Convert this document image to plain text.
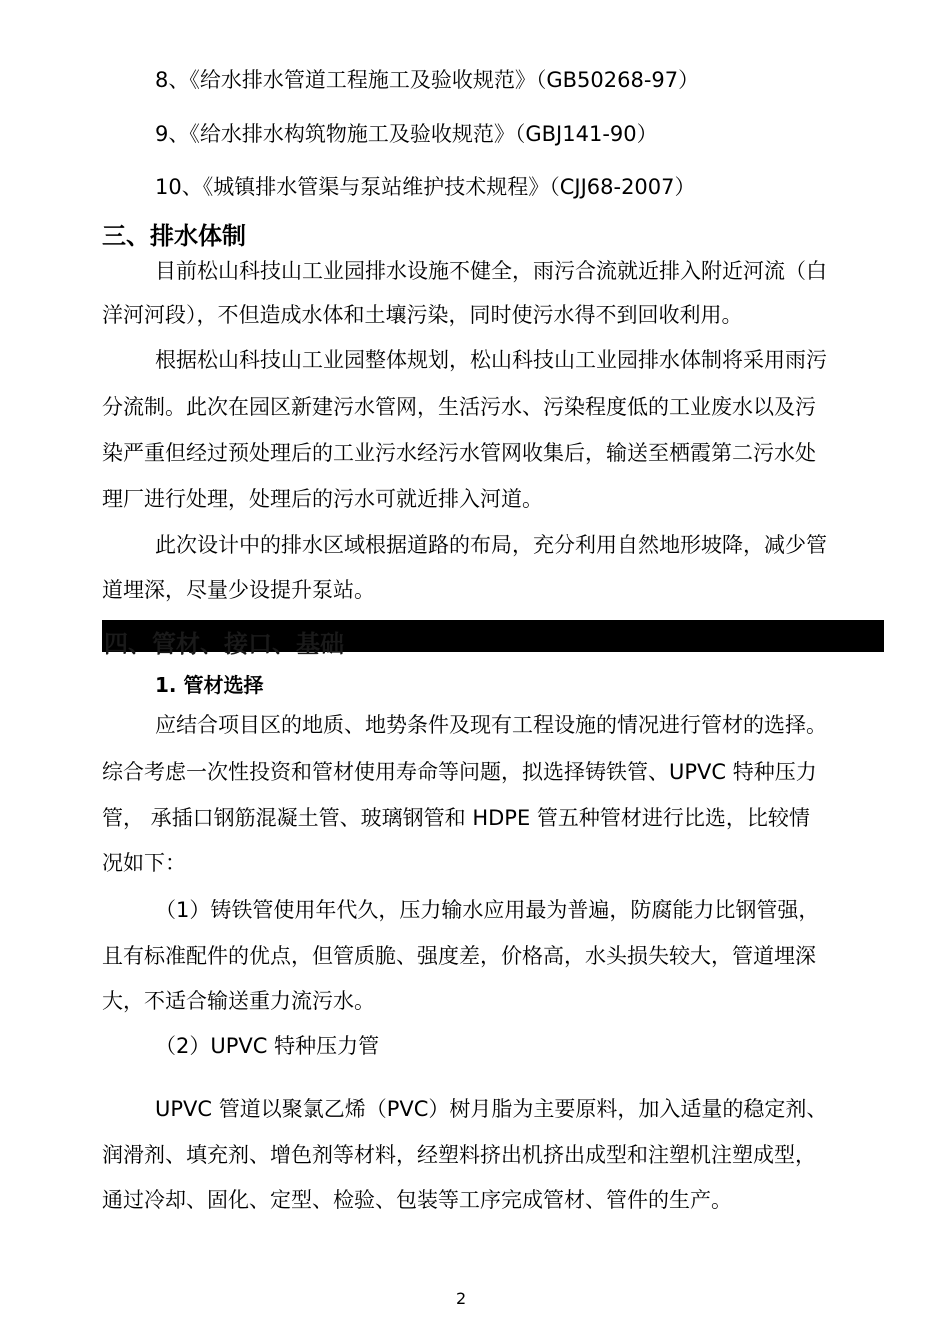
8、《给水排水管道工程施工及验收规范》（GB50268-97）
9、《给水排水构筑物施工及验收规范》（GBJ141-90）
10、《城镇排水管渠与泵站维护技术规程》（CJJ68-2007）
三、排水体制
目前松山科技山工业园排水设施不健全，雨污合流就近排入附近河流（白
洋河河段），不但造成水体和土壤污染，同时使污水得不到回收利用。
根据松山科技山工业园整体规划，松山科技山工业园排水体制将采用雨污
分流制。此次在园区新建污水管网，生活污水、污染程度低的工业废水以及污
染严重但经过预处理后的工业污水经污水管网收集后，输送至栖霞第二污水处
理厂进行处理，处理后的污水可就近排入河道。
此次设计中的排水区域根据道路的布局，充分利用自然地形坡降，减少管
道埋深，尽量少设提升泵站。
四、管材、接口、基础
1. 管材选择
应结合项目区的地质、地势条件及现有工程设施的情况进行管材的选择。
综合考虑一次性投资和管材使用寿命等问题，拟选择铸铁管、UPVC 特种压力
管， 承插口钢筋混凝土管、玻璃钢管和 HDPE 管五种管材进行比选，比较情
况如下：
（1）铸铁管使用年代久，压力输水应用最为普遍，防腐能力比钢管强，
且有标准配件的优点，但管质脆、强度差，价格高，水头损失较大，管道埋深
大，不适合输送重力流污水。
（2）UPVC 特种压力管
UPVC 管道以聚氯乙烯（PVC）树月脂为主要原料，加入适量的稳定剂、
润滑剂、填充剂、增色剂等材料，经塑料挤出机挤出成型和注塑机注塑成型，
通过冷却、固化、定型、检验、包装等工序完成管材、管件的生产。
2
